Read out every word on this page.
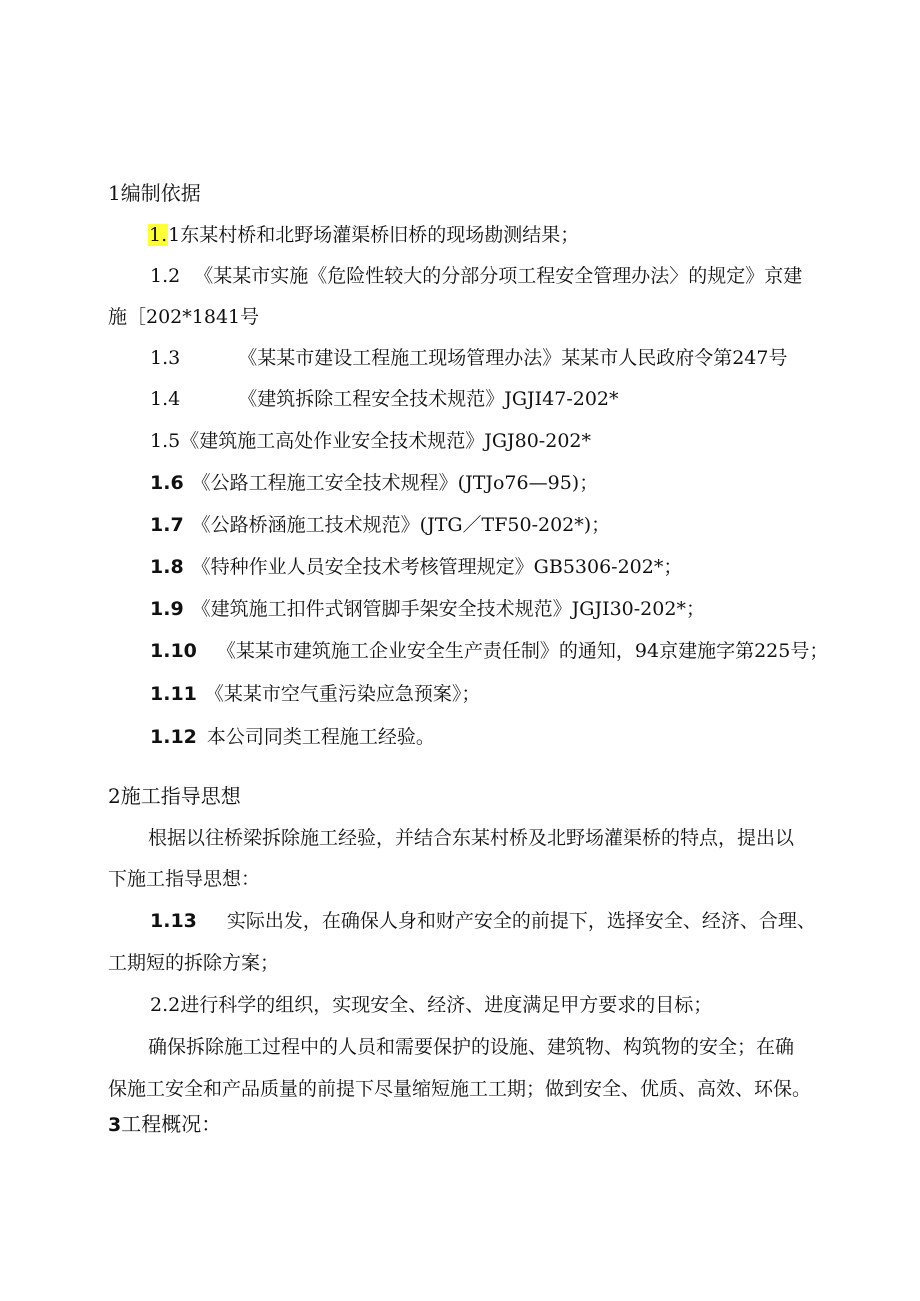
1编制依据
1.1东某村桥和北野场灌渠桥旧桥的现场勘测结果；
1.2 《某某市实施《危险性较大的分部分项工程安全管理办法〉的规定》京建
施［202*1841号
1.3	《某某市建设工程施工现场管理办法》某某市人民政府令第247号
1.4	《建筑拆除工程安全技术规范》JGJI47-202*
1.5《建筑施工高处作业安全技术规范》JGJ80-202*
1.6 《公路工程施工安全技术规程》(JTJo76—95)；
1.7 《公路桥涵施工技术规范》(JTG／TF50-202*)；
1.8 《特种作业人员安全技术考核管理规定》GB5306-202*；
1.9 《建筑施工扣件式钢管脚手架安全技术规范》JGJI30-202*；
1.10 《某某市建筑施工企业安全生产责任制》的通知，94京建施字第225号；
1.11 《某某市空气重污染应急预案》；
1.12 本公司同类工程施工经验。
2施工指导思想
根据以往桥梁拆除施工经验，并结合东某村桥及北野场灌渠桥的特点，提出以
下施工指导思想：
1.13 实际出发，在确保人身和财产安全的前提下，选择安全、经济、合理、
工期短的拆除方案；
2.2进行科学的组织，实现安全、经济、进度满足甲方要求的目标；
确保拆除施工过程中的人员和需要保护的设施、建筑物、构筑物的安全；在确
保施工安全和产品质量的前提下尽量缩短施工工期；做到安全、优质、高效、环保。
3工程概况：
